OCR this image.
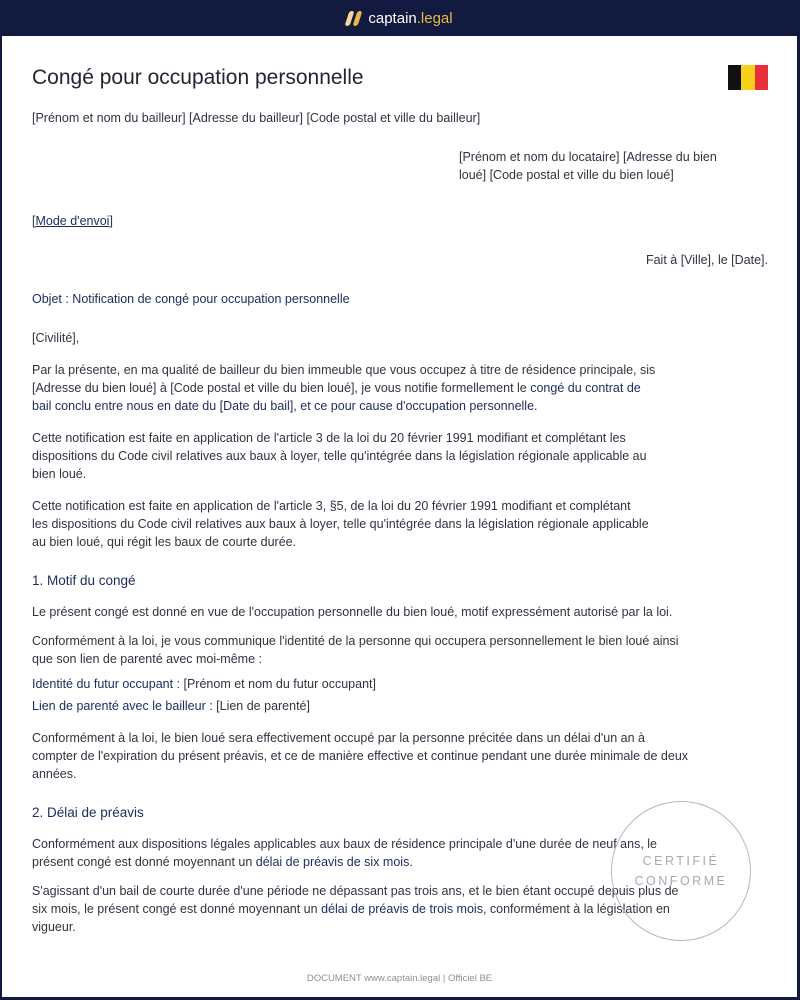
captain.legal
Congé pour occupation personnelle
[Prénom et nom du bailleur] [Adresse du bailleur] [Code postal et ville du bailleur]
[Prénom et nom du locataire] [Adresse du bien
loué] [Code postal et ville du bien loué]
[Mode d'envoi]
Fait à [Ville], le [Date].
Objet : Notification de congé pour occupation personnelle
[Civilité],
Par la présente, en ma qualité de bailleur du bien immeuble que vous occupez à titre de résidence principale, sis
[Adresse du bien loué] à [Code postal et ville du bien loué], je vous notifie formellement le congé du contrat de
bail conclu entre nous en date du [Date du bail], et ce pour cause d'occupation personnelle.
Cette notification est faite en application de l'article 3 de la loi du 20 février 1991 modifiant et complétant les
dispositions du Code civil relatives aux baux à loyer, telle qu'intégrée dans la législation régionale applicable au
bien loué.
Cette notification est faite en application de l'article 3, §5, de la loi du 20 février 1991 modifiant et complétant
les dispositions du Code civil relatives aux baux à loyer, telle qu'intégrée dans la législation régionale applicable
au bien loué, qui régit les baux de courte durée.
1. Motif du congé
Le présent congé est donné en vue de l'occupation personnelle du bien loué, motif expressément autorisé par la loi.
Conformément à la loi, je vous communique l'identité de la personne qui occupera personnellement le bien loué ainsi
que son lien de parenté avec moi-même :
Identité du futur occupant : [Prénom et nom du futur occupant]
Lien de parenté avec le bailleur : [Lien de parenté]
Conformément à la loi, le bien loué sera effectivement occupé par la personne précitée dans un délai d'un an à
compter de l'expiration du présent préavis, et ce de manière effective et continue pendant une durée minimale de deux
années.
2. Délai de préavis
Conformément aux dispositions légales applicables aux baux de résidence principale d'une durée de neuf ans, le
présent congé est donné moyennant un délai de préavis de six mois.
S'agissant d'un bail de courte durée d'une période ne dépassant pas trois ans, et le bien étant occupé depuis plus de
six mois, le présent congé est donné moyennant un délai de préavis de trois mois, conformément à la législation en
vigueur.
CERTIFIÉ
CONFORME
DOCUMENT www.captain.legal | Officiel BE
